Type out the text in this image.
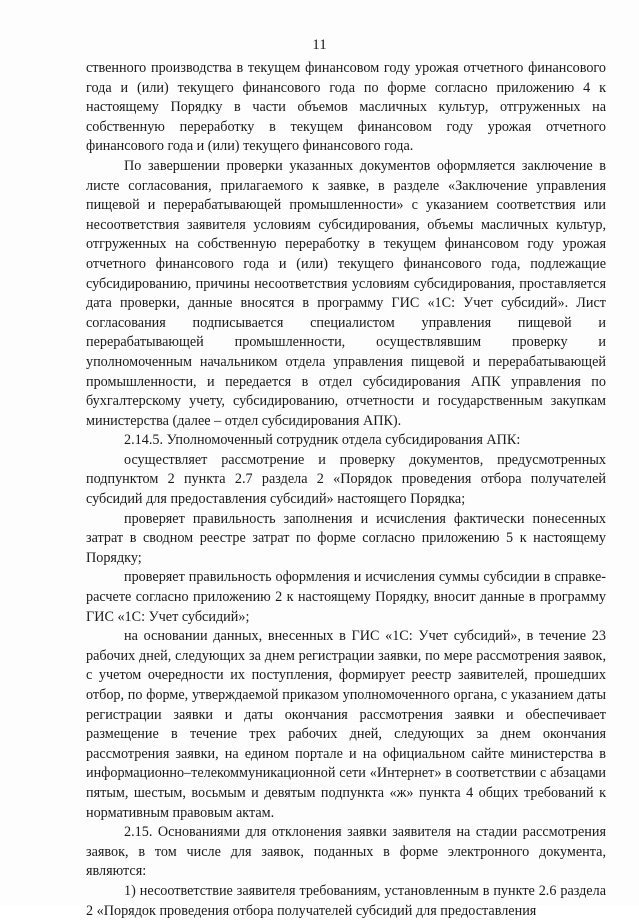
11

ственного производства в текущем финансовом году урожая отчетного финансового года и (или) текущего финансового года по форме согласно приложению 4 к настоящему Порядку в части объемов масличных культур, отгруженных на собственную переработку в текущем финансовом году урожая отчетного финансового года и (или) текущего финансового года.

По завершении проверки указанных документов оформляется заключение в листе согласования, прилагаемого к заявке, в разделе «Заключение управления пищевой и перерабатывающей промышленности» с указанием соответствия или несоответствия заявителя условиям субсидирования, объемы масличных культур, отгруженных на собственную переработку в текущем финансовом году урожая отчетного финансового года и (или) текущего финансового года, подлежащие субсидированию, причины несоответствия условиям субсидирования, проставляется дата проверки, данные вносятся в программу ГИС «1С: Учет субсидий». Лист согласования подписывается специалистом управления пищевой и перерабатывающей промышленности, осуществлявшим проверку и уполномоченным начальником отдела управления пищевой и перерабатывающей промышленности, и передается в отдел субсидирования АПК управления по бухгалтерскому учету, субсидированию, отчетности и государственным закупкам министерства (далее – отдел субсидирования АПК).

2.14.5. Уполномоченный сотрудник отдела субсидирования АПК:

осуществляет рассмотрение и проверку документов, предусмотренных подпунктом 2 пункта 2.7 раздела 2 «Порядок проведения отбора получателей субсидий для предоставления субсидий» настоящего Порядка;

проверяет правильность заполнения и исчисления фактически понесенных затрат в сводном реестре затрат по форме согласно приложению 5 к настоящему Порядку;

проверяет правильность оформления и исчисления суммы субсидии в справке-расчете согласно приложению 2 к настоящему Порядку, вносит данные в программу ГИС «1С: Учет субсидий»;

на основании данных, внесенных в ГИС «1С: Учет субсидий», в течение 23 рабочих дней, следующих за днем регистрации заявки, по мере рассмотрения заявок, с учетом очередности их поступления, формирует реестр заявителей, прошедших отбор, по форме, утверждаемой приказом уполномоченного органа, с указанием даты регистрации заявки и даты окончания рассмотрения заявки и обеспечивает размещение в течение трех рабочих дней, следующих за днем окончания рассмотрения заявки, на едином портале и на официальном сайте министерства в информационно–телекоммуникационной сети «Интернет» в соответствии с абзацами пятым, шестым, восьмым и девятым подпункта «ж» пункта 4 общих требований к нормативным правовым актам.

2.15. Основаниями для отклонения заявки заявителя на стадии рассмотрения заявок, в том числе для заявок, поданных в форме электронного документа, являются:

1) несоответствие заявителя требованиям, установленным в пункте 2.6 раздела 2 «Порядок проведения отбора получателей субсидий для предоставления
